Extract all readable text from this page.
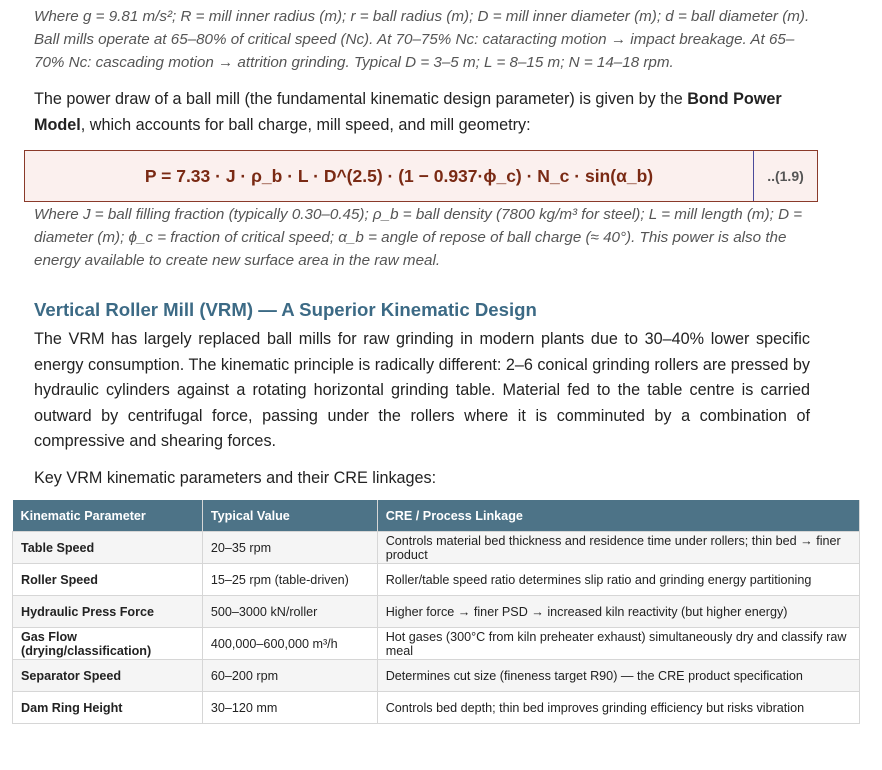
Where g = 9.81 m/s²; R = mill inner radius (m); r = ball radius (m); D = mill inner diameter (m); d = ball diameter (m). Ball mills operate at 65–80% of critical speed (Nc). At 70–75% Nc: cataracting motion → impact breakage. At 65–70% Nc: cascading motion → attrition grinding. Typical D = 3–5 m; L = 8–15 m; N = 14–18 rpm.

The power draw of a ball mill (the fundamental kinematic design parameter) is given by the Bond Power Model, which accounts for ball charge, mill speed, and mill geometry:

P = 7.33 · J · ρ_b · L · D^(2.5) · (1 − 0.937·ϕ_c) · N_c · sin(α_b)	..(1.9)

Where J = ball filling fraction (typically 0.30–0.45); ρ_b = ball density (7800 kg/m³ for steel); L = mill length (m); D = diameter (m); ϕ_c = fraction of critical speed; α_b = angle of repose of ball charge (≈ 40°). This power is also the energy available to create new surface area in the raw meal.

Vertical Roller Mill (VRM) — A Superior Kinematic Design

The VRM has largely replaced ball mills for raw grinding in modern plants due to 30–40% lower specific energy consumption. The kinematic principle is radically different: 2–6 conical grinding rollers are pressed by hydraulic cylinders against a rotating horizontal grinding table. Material fed to the table centre is carried outward by centrifugal force, passing under the rollers where it is comminuted by a combination of compressive and shearing forces.

Key VRM kinematic parameters and their CRE linkages:

Kinematic Parameter	Typical Value	CRE / Process Linkage
Table Speed	20–35 rpm	Controls material bed thickness and residence time under rollers; thin bed → finer product
Roller Speed	15–25 rpm (table-driven)	Roller/table speed ratio determines slip ratio and grinding energy partitioning
Hydraulic Press Force	500–3000 kN/roller	Higher force → finer PSD → increased kiln reactivity (but higher energy)
Gas Flow (drying/classification)	400,000–600,000 m³/h	Hot gases (300°C from kiln preheater exhaust) simultaneously dry and classify raw meal
Separator Speed	60–200 rpm	Determines cut size (fineness target R90) — the CRE product specification
Dam Ring Height	30–120 mm	Controls bed depth; thin bed improves grinding efficiency but risks vibration
